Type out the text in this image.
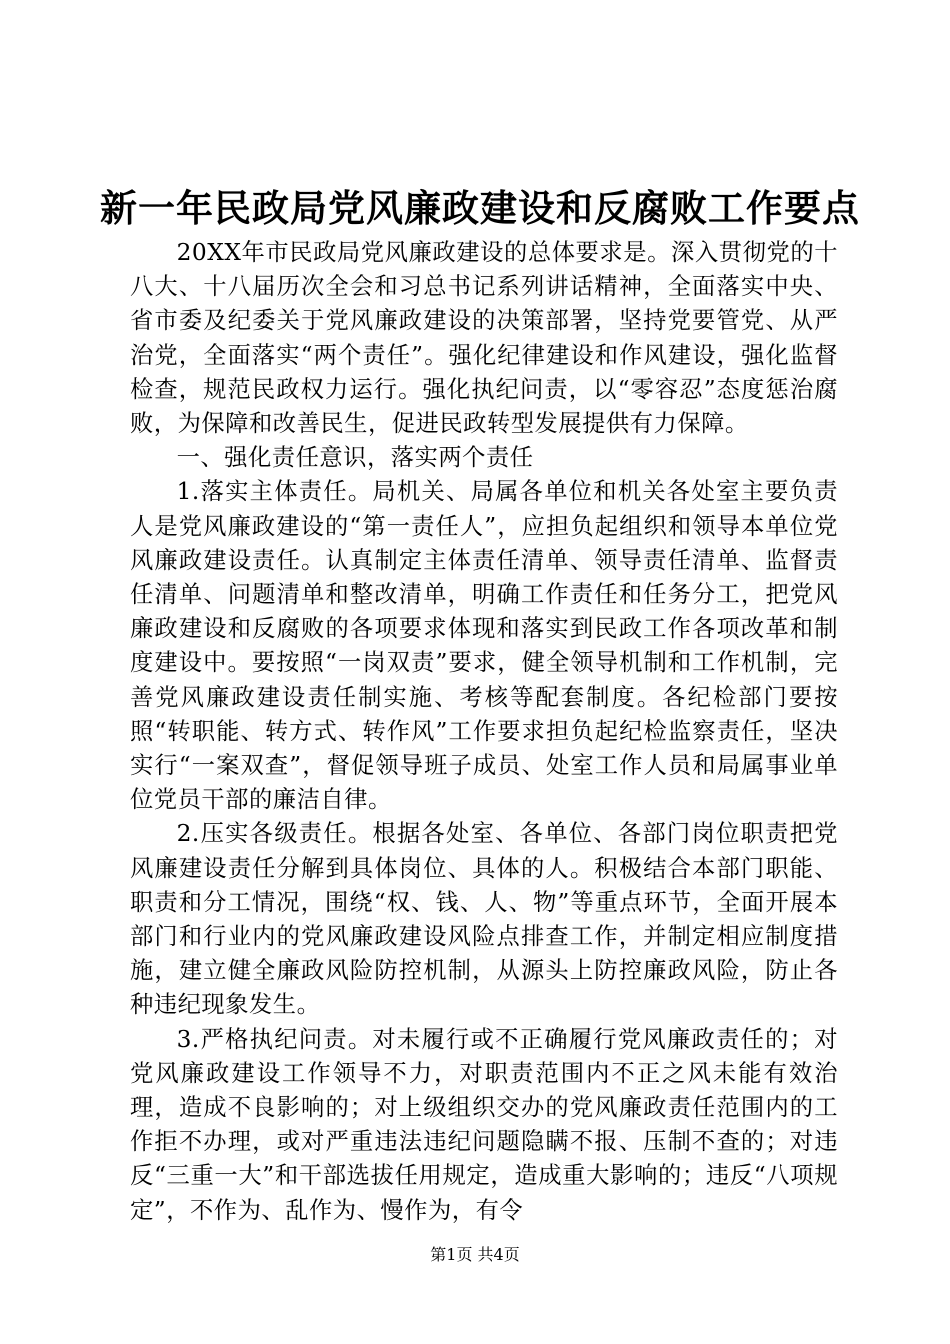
新一年民政局党风廉政建设和反腐败工作要点

20XX年市民政局党风廉政建设的总体要求是。深入贯彻党的十八大、十八届历次全会和习总书记系列讲话精神，全面落实中央、省市委及纪委关于党风廉政建设的决策部署，坚持党要管党、从严治党，全面落实“两个责任”。强化纪律建设和作风建设，强化监督检查，规范民政权力运行。强化执纪问责，以“零容忍”态度惩治腐败，为保障和改善民生，促进民政转型发展提供有力保障。

一、强化责任意识，落实两个责任

1.落实主体责任。局机关、局属各单位和机关各处室主要负责人是党风廉政建设的“第一责任人”，应担负起组织和领导本单位党风廉政建设责任。认真制定主体责任清单、领导责任清单、监督责任清单、问题清单和整改清单，明确工作责任和任务分工，把党风廉政建设和反腐败的各项要求体现和落实到民政工作各项改革和制度建设中。要按照“一岗双责”要求，健全领导机制和工作机制，完善党风廉政建设责任制实施、考核等配套制度。各纪检部门要按照“转职能、转方式、转作风”工作要求担负起纪检监察责任，坚决实行“一案双查”，督促领导班子成员、处室工作人员和局属事业单位党员干部的廉洁自律。

2.压实各级责任。根据各处室、各单位、各部门岗位职责把党风廉建设责任分解到具体岗位、具体的人。积极结合本部门职能、职责和分工情况，围绕“权、钱、人、物”等重点环节，全面开展本部门和行业内的党风廉政建设风险点排查工作，并制定相应制度措施，建立健全廉政风险防控机制，从源头上防控廉政风险，防止各种违纪现象发生。

3.严格执纪问责。对未履行或不正确履行党风廉政责任的；对党风廉政建设工作领导不力，对职责范围内不正之风未能有效治理，造成不良影响的；对上级组织交办的党风廉政责任范围内的工作拒不办理，或对严重违法违纪问题隐瞒不报、压制不查的；对违反“三重一大”和干部选拔任用规定，造成重大影响的；违反“八项规定”，不作为、乱作为、慢作为，有令

第1页 共4页
